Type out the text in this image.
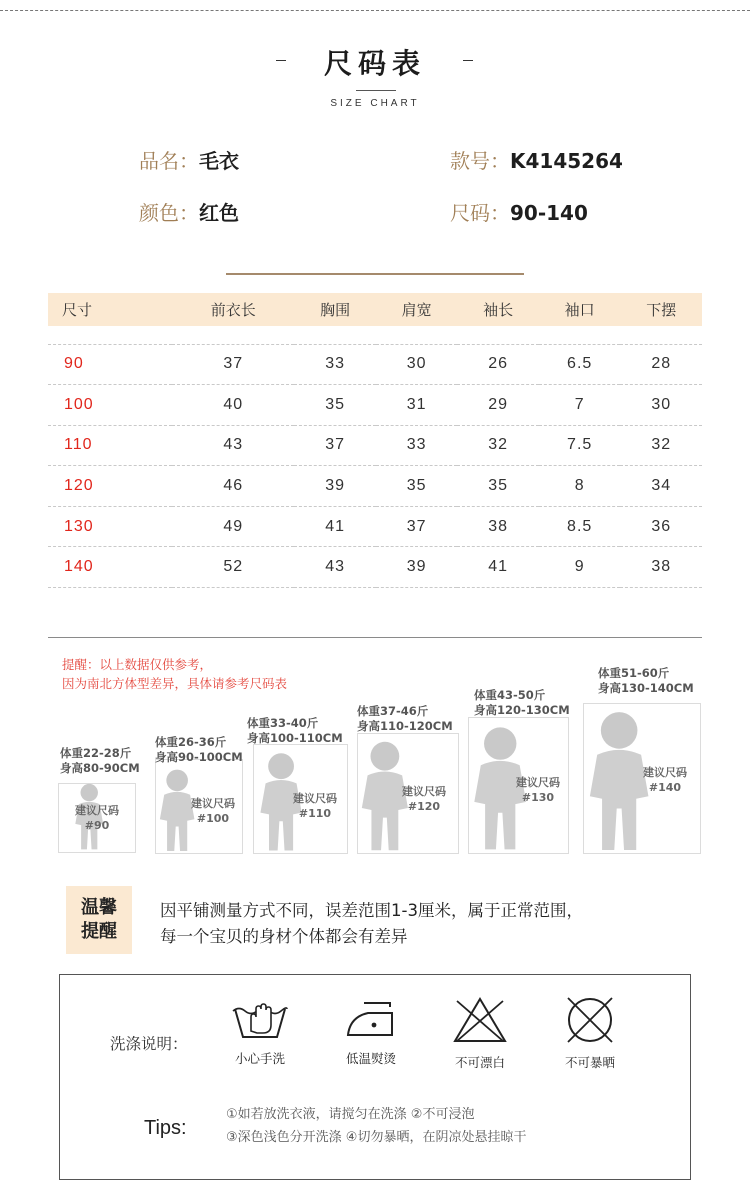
尺码表
SIZE CHART
品名：毛衣	款号：K4145264
颜色：红色	尺码：90-140
尺寸	前衣长	胸围	肩宽	袖长	袖口	下摆

90	37	33	30	26	6.5	28
100	40	35	31	29	7	30
110	43	37	33	32	7.5	32
120	46	39	35	35	8	34
130	49	41	37	38	8.5	36
140	52	43	39	41	9	38
提醒：以上数据仅供参考，
因为南北方体型差异，具体请参考尺码表
体重22-28斤
身高80-90CM
建议尺码
#90
体重26-36斤
身高90-100CM
建议尺码
#100
体重33-40斤
身高100-110CM
建议尺码
#110
体重37-46斤
身高110-120CM
建议尺码
#120
体重43-50斤
身高120-130CM
建议尺码
#130
体重51-60斤
身高130-140CM
建议尺码
#140
温馨
提醒
因平铺测量方式不同，误差范围1-3厘米，属于正常范围，
每一个宝贝的身材个体都会有差异
洗涤说明：
小心手洗	低温熨烫	不可漂白	不可暴晒
Tips:
①如若放洗衣液，请搅匀在洗涤 ②不可浸泡
③深色浅色分开洗涤 ④切勿暴晒，在阴凉处悬挂晾干
